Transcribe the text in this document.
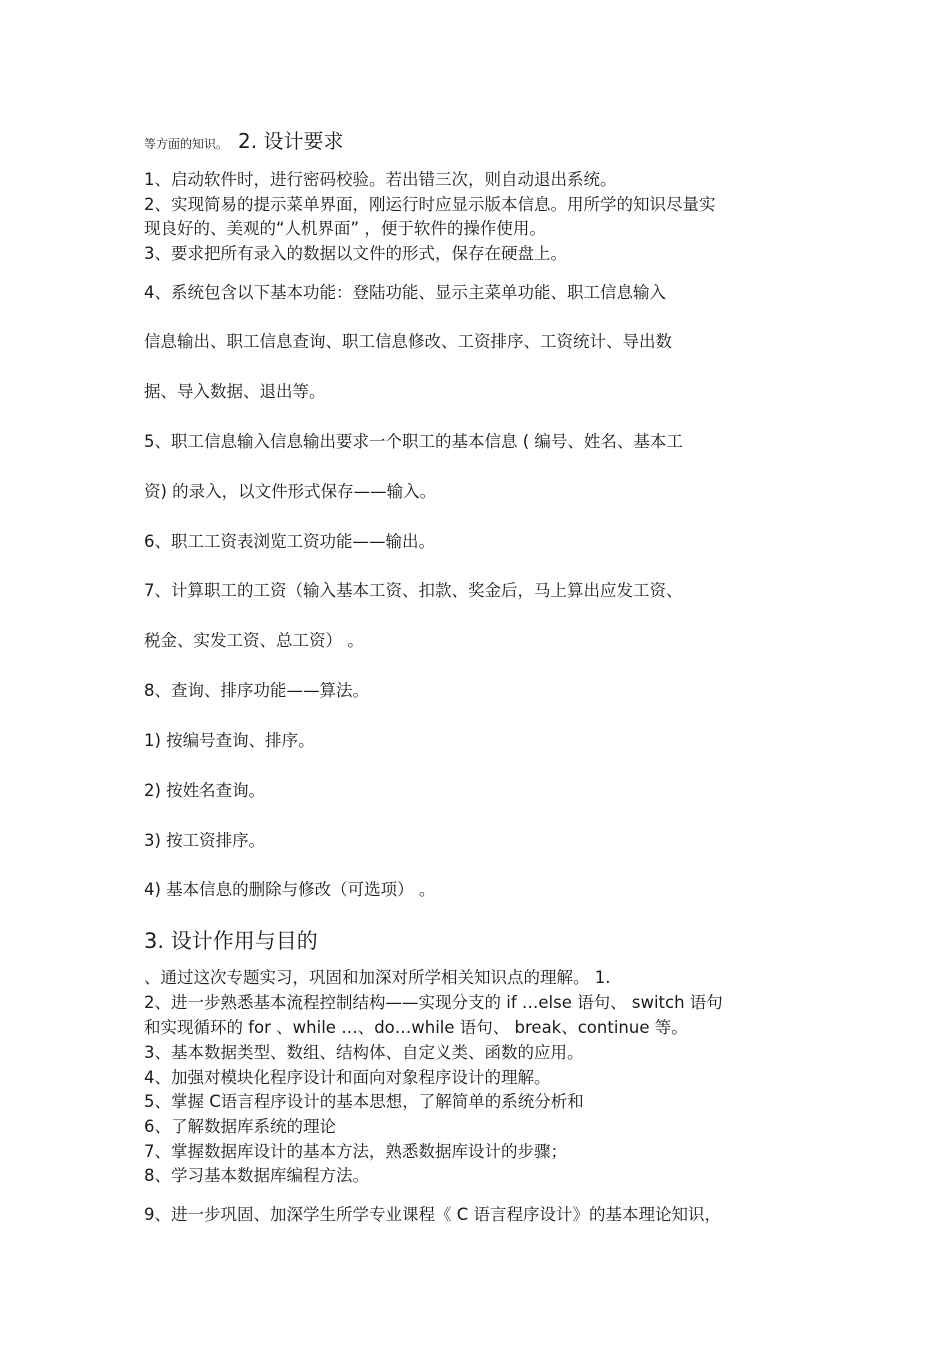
等方面的知识。 2. 设计要求
1、启动软件时，进行密码校验。若出错三次，则自动退出系统。
2、实现简易的提示菜单界面，刚运行时应显示版本信息。用所学的知识尽量实
现良好的、美观的“人机界面” ，便于软件的操作使用。
3、要求把所有录入的数据以文件的形式，保存在硬盘上。
4、系统包含以下基本功能：登陆功能、显示主菜单功能、职工信息输入
信息输出、职工信息查询、职工信息修改、工资排序、工资统计、导出数
据、导入数据、退出等。
5、职工信息输入信息输出要求一个职工的基本信息 ( 编号、姓名、基本工
资) 的录入，以文件形式保存——输入。
6、职工工资表浏览工资功能——输出。
7、计算职工的工资（输入基本工资、扣款、奖金后，马上算出应发工资、
税金、实发工资、总工资） 。
8、查询、排序功能——算法。
1) 按编号查询、排序。
2) 按姓名查询。
3) 按工资排序。
4) 基本信息的删除与修改（可选项） 。
3. 设计作用与目的
、通过这次专题实习，巩固和加深对所学相关知识点的理解。 1.
2、进一步熟悉基本流程控制结构——实现分支的 if …else 语句、 switch 语句
和实现循环的 for 、while …、do…while 语句、 break、continue 等。
3、基本数据类型、数组、结构体、自定义类、函数的应用。
4、加强对模块化程序设计和面向对象程序设计的理解。
5、掌握 C语言程序设计的基本思想，了解简单的系统分析和
6、了解数据库系统的理论
7、掌握数据库设计的基本方法，熟悉数据库设计的步骤；
8、学习基本数据库编程方法。
9、进一步巩固、加深学生所学专业课程《 C 语言程序设计》的基本理论知识，
